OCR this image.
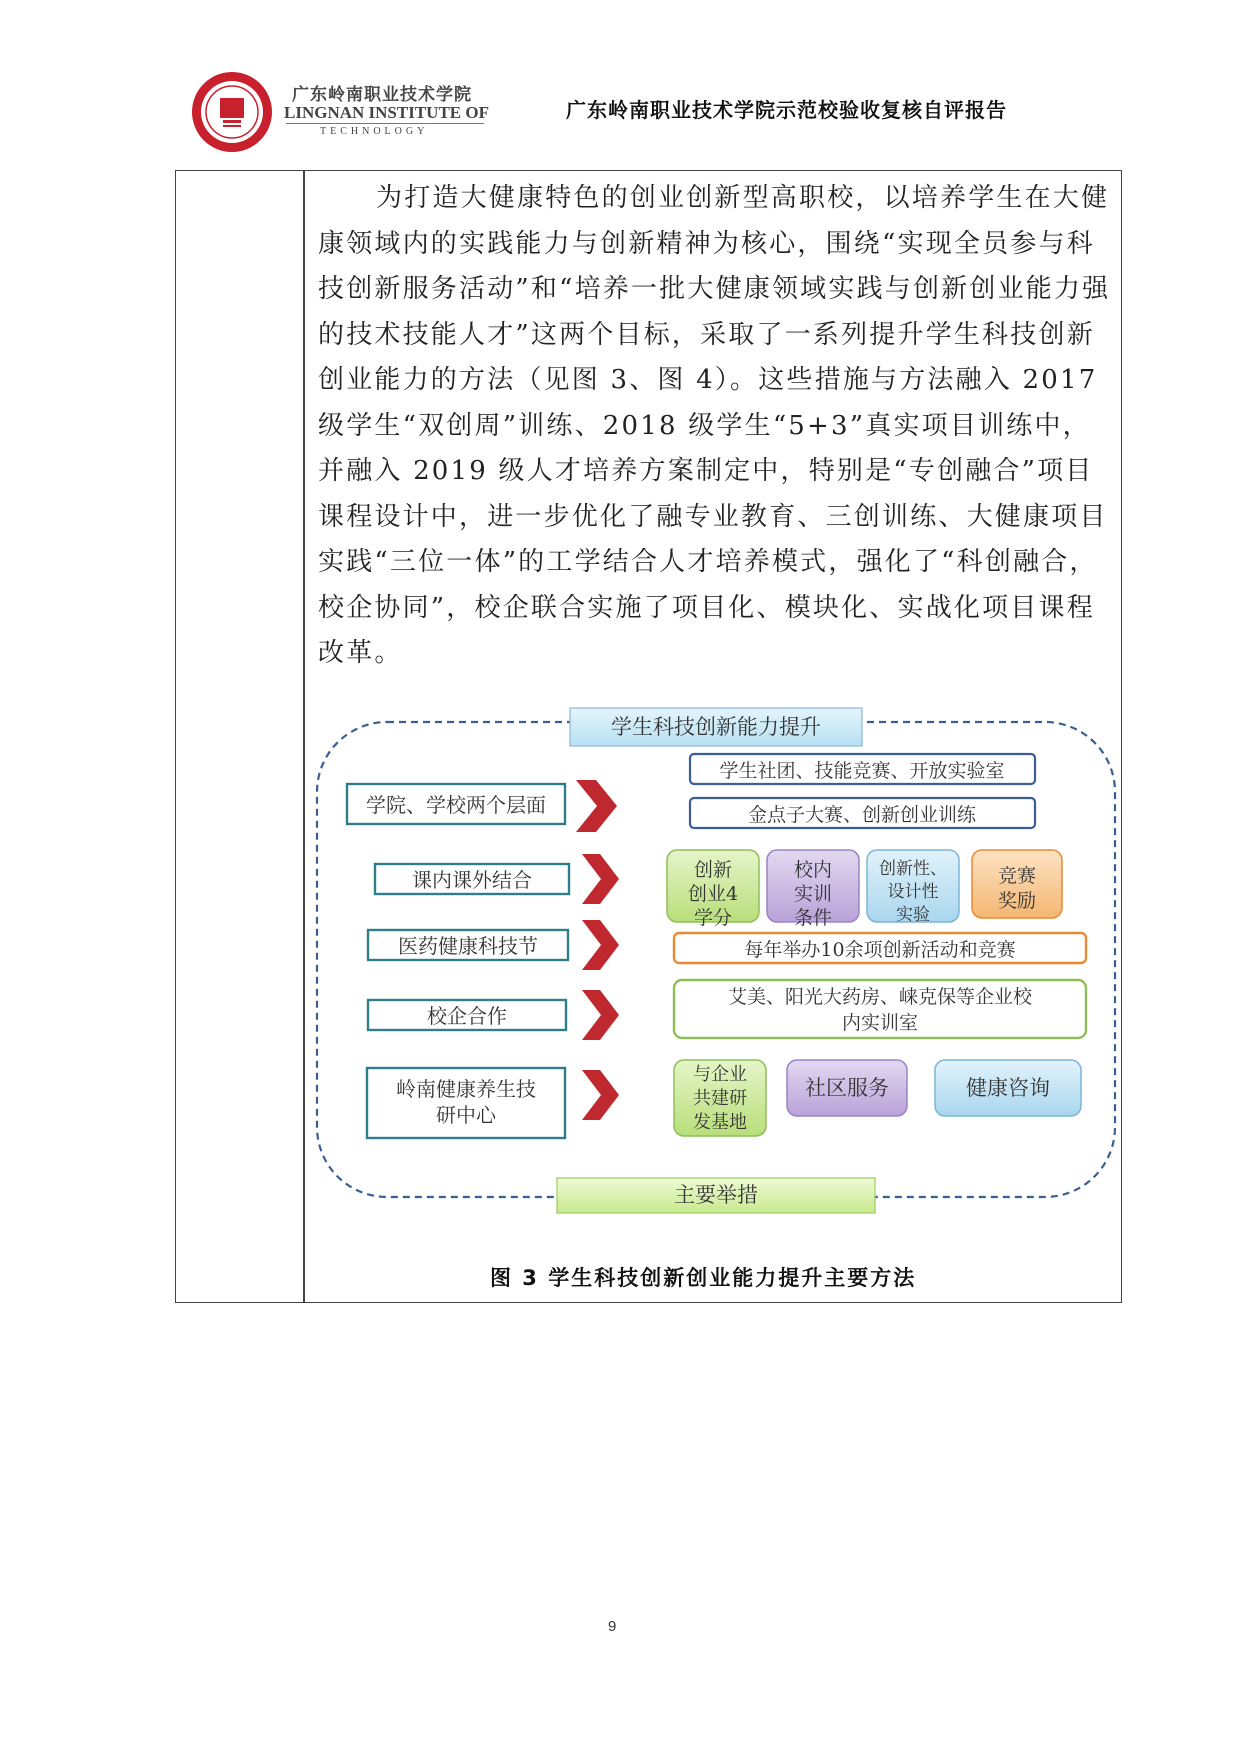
广东岭南职业技术学院
LINGNAN INSTITUTE OF
TECHNOLOGY
广东岭南职业技术学院示范校验收复核自评报告

为打造大健康特色的创业创新型高职校，以培养学生在大健康领域内的实践能力与创新精神为核心，围绕“实现全员参与科技创新服务活动”和“培养一批大健康领域实践与创新创业能力强的技术技能人才”这两个目标，采取了一系列提升学生科技创新创业能力的方法（见图 3、图 4）。这些措施与方法融入 2017 级学生“双创周”训练、2018 级学生“5+3”真实项目训练中，并融入 2019 级人才培养方案制定中，特别是“专创融合”项目课程设计中，进一步优化了融专业教育、三创训练、大健康项目实践“三位一体”的工学结合人才培养模式，强化了“科创融合，校企协同”，校企联合实施了项目化、模块化、实战化项目课程改革。

学生科技创新能力提升
主要举措
学院、学校两个层面
学生社团、技能竞赛、开放实验室
金点子大赛、创新创业训练
课内课外结合	创新创业4 学分
校内实训条件
创新性、设计性实验
竞赛奖励
医药健康科技节	每年举办10余项创新活动和竞赛
校企合作
艾美、阳光大药房、崃克保等企业校内实训室
岭南健康养生技研中心
与企业共建研发基地
社区服务	健康咨询
图 3 学生科技创新创业能力提升主要方法
9
